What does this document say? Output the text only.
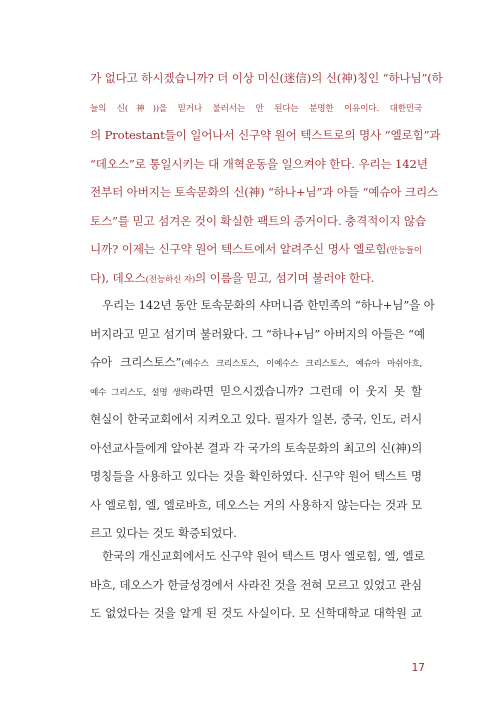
가 없다고 하시겠습니까? 더 이상 미신(迷信)의 신(神)칭인 “하나님”(하
늘의 신(神))을 믿거나 불러서는 안 된다는 분명한 이유이다. 대한민국
의 Protestant들이 일어나서 신구약 원어 텍스트로의 명사 “엘로힘”과
“데오스”로 통일시키는 대 개혁운동을 일으켜야 한다. 우리는 142년
전부터 아버지는 토속문화의 신(神) “하나+님”과 아들 “예슈아 크리스
토스”를 믿고 섬겨온 것이 확실한 팩트의 증거이다. 충격적이지 않습
니까? 이제는 신구약 원어 텍스트에서 알려주신 명사 엘로힘(만능들이
다), 데오스(전능하신 자)의 이름을 믿고, 섬기며 불러야 한다.
우리는 142년 동안 토속문화의 샤머니즘 한민족의 “하나+님”을 아
버지라고 믿고 섬기며 불러왔다. 그 “하나+님” 아버지의 아들은 “예
슈아 크리스토스”(예수스 크리스토스, 이예수스 크리스토스, 예슈아 마쉬아흐,
예수 그리스도, 설명 생략)라면 믿으시겠습니까? 그런데 이 웃지 못 할
현실이 한국교회에서 지켜오고 있다. 필자가 일본, 중국, 인도, 러시
아선교사들에게 알아본 결과 각 국가의 토속문화의 최고의 신(神)의
명칭들을 사용하고 있다는 것을 확인하였다. 신구약 원어 텍스트 명
사 엘로힘, 엘, 엘로바흐, 데오스는 거의 사용하지 않는다는 것과 모
르고 있다는 것도 확증되었다.
한국의 개신교회에서도 신구약 원어 텍스트 명사 엘로힘, 엘, 엘로
바흐, 데오스가 한글성경에서 사라진 것을 전혀 모르고 있었고 관심
도 없었다는 것을 알게 된 것도 사실이다. 모 신학대학교 대학원 교
17
